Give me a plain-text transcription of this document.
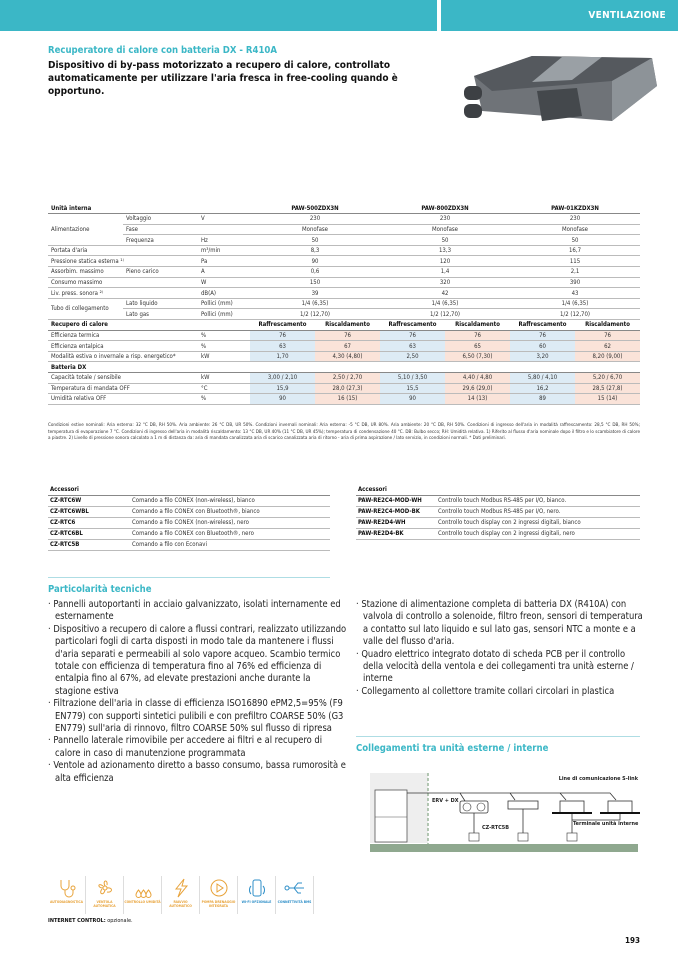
VENTILAZIONE
Recuperatore di calore con batteria DX - R410A
Dispositivo di by-pass motorizzato a recupero di calore, controllato automaticamente per utilizzare l'aria fresca in free-cooling quando è opportuno.
Unità interna			PAW-500ZDX3N		PAW-800ZDX3N		PAW-01KZDX3N	
Alimentazione	Voltaggio	V	230		230		230	
	Fase		Monofase		Monofase		Monofase	
	Frequenza	Hz	50		50		50	
Portata d'aria		m³/min	8,3		13,3		16,7	
Pressione statica esterna ¹⁾		Pa	90		120		115	
Assorbim. massimo	Pieno carico	A	0,6		1,4		2,1	
Consumo massimo		W	150		320		390	
Liv. press. sonora ²⁾		dB(A)	39		42		43	
Tubo di collegamento	Lato liquido	Pollici (mm)	1/4 (6,35)		1/4 (6,35)		1/4 (6,35)	
	Lato gas	Pollici (mm)	1/2 (12,70)		1/2 (12,70)		1/2 (12,70)	
Recupero di calore			Raffrescamento	Riscaldamento	Raffrescamento	Riscaldamento	Raffrescamento	Riscaldamento
Efficienza termica		%	76	76	76	76	76	76
Efficienza entalpica		%	63	67	63	65	60	62
Modalità estiva o invernale a risp. energetico*		kW	1,70	4,30 (4,80)	2,50	6,50 (7,30)	3,20	8,20 (9,00)
Batteria DX								
Capacità totale / sensibile		kW	3,00 / 2,10	2,50 / 2,70	5,10 / 3,50	4,40 / 4,80	5,80 / 4,10	5,20 / 6,70
Temperatura di mandata OFF		°C	15,9	28,0 (27,3)	15,5	29,6 (29,0)	16,2	28,5 (27,8)
Umidità relativa OFF		%	90	16 (15)	90	14 (13)	89	15 (14)
Condizioni estive nominali: Aria esterna: 32 °C DB, RH 50%. Aria ambiente: 26 °C DB, UR 50%. Condizioni invernali nominali: Aria esterna: -5 °C DB, UR 80%. Aria ambiente: 20 °C DB, RH 50%. Condizioni di ingresso dell'aria in modalità raffrescamento: 28,5 °C DB, RH 50%; temperatura di evaporazione 7 °C. Condizioni di ingresso dell'aria in modalità riscaldamento: 13 °C DB, UR 40% (11 °C DB, UR 45%); temperatura di condensazione 40 °C. DB: Bulbo secco; RH: Umidità relativa. 1) Riferito al flusso d'aria nominale dopo il filtro e lo scambiatore di calore a piastre. 2) Livello di pressione sonora calcolato a 1 m di distanza da: aria di mandata canalizzata aria di scarico canalizzata aria di ritorno - aria di prima aspirazione / lato servizio, in condizioni normali. * Dati preliminari.
Accessori	
CZ-RTC6W	Comando a filo CONEX (non-wireless), bianco
CZ-RTC6WBL	Comando a filo CONEX con Bluetooth®, bianco
CZ-RTC6	Comando a filo CONEX (non-wireless), nero
CZ-RTC6BL	Comando a filo CONEX con Bluetooth®, nero
CZ-RTC5B	Comando a filo con Econavi
Accessori	
PAW-RE2C4-MOD-WH	Controllo touch Modbus RS-485 per I/O, bianco.
PAW-RE2C4-MOD-BK	Controllo touch Modbus RS-485 per I/O, nero.
PAW-RE2D4-WH	Controllo touch display con 2 ingressi digitali, bianco
PAW-RE2D4-BK	Controllo touch display con 2 ingressi digitali, nero
Particolarità tecniche
· Pannelli autoportanti in acciaio galvanizzato, isolati internamente ed esternamente
· Dispositivo a recupero di calore a flussi contrari, realizzato utilizzando particolari fogli di carta disposti in modo tale da mantenere i flussi d'aria separati e permeabili al solo vapore acqueo. Scambio termico totale con efficienza di temperatura fino al 76% ed efficienza di entalpia fino al 67%, ad elevate prestazioni anche durante la stagione estiva
· Filtrazione dell'aria in classe di efficienza ISO16890 ePM2,5=95% (F9 EN779) con supporti sintetici pulibili e con prefiltro COARSE 50% (G3 EN779) sull'aria di rinnovo, filtro COARSE 50% sul flusso di ripresa
· Pannello laterale rimovibile per accedere ai filtri e al recupero di calore in caso di manutenzione programmata
· Ventole ad azionamento diretto a basso consumo, bassa rumorosità e alta efficienza
· Stazione di alimentazione completa di batteria DX (R410A) con valvola di controllo a solenoide, filtro freon, sensori di temperatura a contatto sul lato liquido e sul lato gas, sensori NTC a monte e a valle del flusso d'aria.
· Quadro elettrico integrato dotato di scheda PCB per il controllo della velocità della ventola e dei collegamenti tra unità esterne / interne
· Collegamento al collettore tramite collari circolari in plastica
Collegamenti tra unità esterne / interne
Line di comunicazione S-link
ERV + DX
CZ-RTC5B
Terminale unità interne
AUTODIAGNOSTICA	VENTOLA AUTOMATICA
CONTROLLO UMIDITÀ	RIAVVIO AUTOMATICO
POMPA DRENAGGIO INTEGRATA
WI-FI OPZIONALE CONNETTIVITÀ BMS
INTERNET CONTROL: opzionale.
193
